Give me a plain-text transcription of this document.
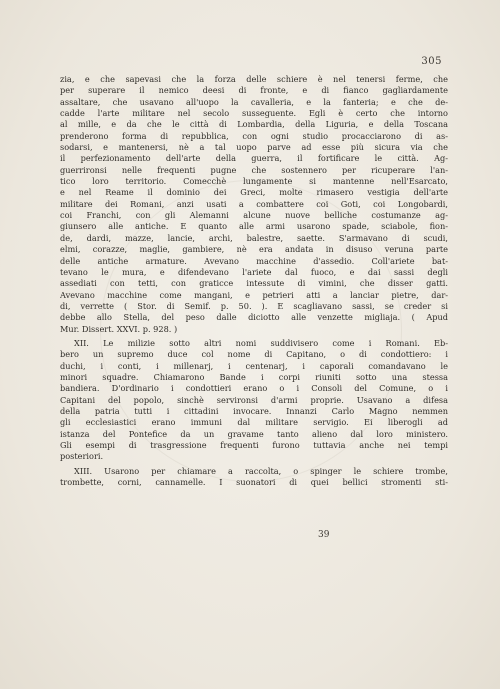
305
zia, e che sapevasi che la forza delle schiere è nel tenersi ferme, che
per superare il nemico deesi di fronte, e di fianco gagliardamente
assaltare, che usavano all'uopo la cavalleria, e la fanteria; e che de-
cadde l'arte militare nel secolo susseguente. Egli è certo che intorno
al mille, e da che le città di Lombardia, della Liguria, e della Toscana
prenderono forma di repubblica, con ogni studio procacciarono di as-
sodarsi, e mantenersi, nè a tal uopo parve ad esse più sicura via che
il perfezionamento dell'arte della guerra, il fortificare le città. Ag-
guerrironsi nelle frequenti pugne che sostennero per ricuperare l'an-
tico loro territorio. Comecchè lungamente si mantenne nell'Esarcato,
e nel Reame il dominio dei Greci, molte rimasero vestigia dell'arte
militare dei Romani, anzi usati a combattere coi Goti, coi Longobardi,
coi Franchi, con gli Alemanni alcune nuove belliche costumanze ag-
giunsero alle antiche. E quanto alle armi usarono spade, sciabole, fion-
de, dardi, mazze, lancie, archi, balestre, saette. S'armavano di scudi,
elmi, corazze, maglie, gambiere, nè era andata in disuso veruna parte
delle antiche armature. Avevano macchine d'assedio. Coll'ariete bat-
tevano le mura, e difendevano l'ariete dal fuoco, e dai sassi degli
assediati con tetti, con graticce intessute di vimini, che disser gatti.
Avevano macchine come mangani, e petrieri atti a lanciar pietre, dar-
di, verrette ( Stor. di Semif. p. 50. ). E scagliavano sassi, se creder si
debbe allo Stella, del peso dalle diciotto alle venzette migliaja. ( Apud
Mur. Dissert. XXVI. p. 928. )
XII. Le milizie sotto altri nomi suddivisero come i Romani. Eb-
bero un supremo duce col nome di Capitano, o di condottiero: i
duchi, i conti, i millenarj, i centenarj, i caporali comandavano le
minori squadre. Chiamarono Bande i corpi riuniti sotto una stessa
bandiera. D'ordinario i condottieri erano o i Consoli del Comune, o i
Capitani del popolo, sinchè servironsi d'armi proprie. Usavano a difesa
della patria tutti i cittadini invocare. Innanzi Carlo Magno nemmen
gli ecclesiastici erano immuni dal militare servigio. Ei liberogli ad
istanza del Pontefice da un gravame tanto alieno dal loro ministero.
Gli esempi di trasgressione frequenti furono tuttavia anche nei tempi
posteriori.
XIII. Usarono per chiamare a raccolta, o spinger le schiere trombe,
trombette, corni, cannamelle. I suonatori di quei bellici stromenti sti-
39
